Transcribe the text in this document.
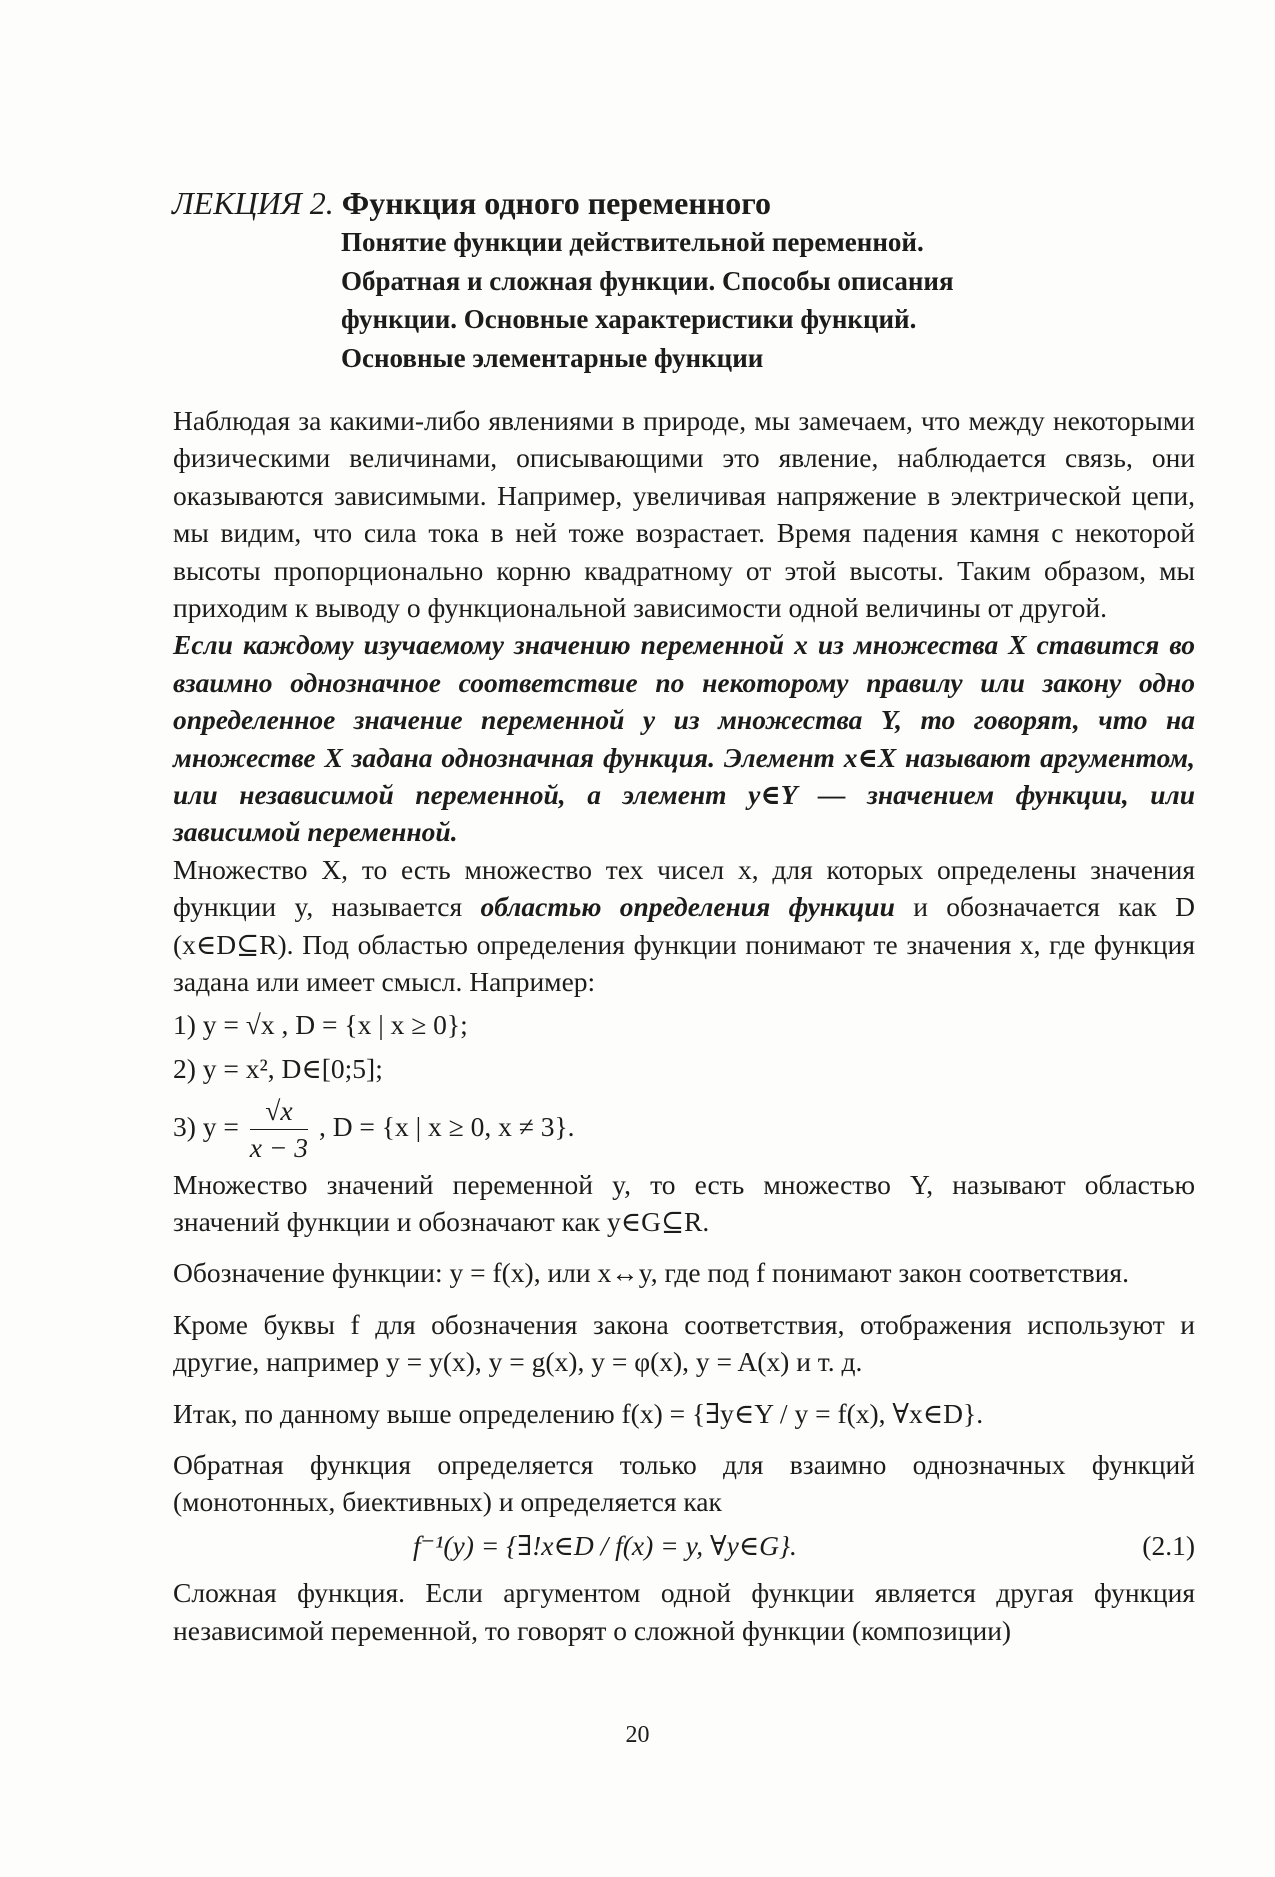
ЛЕКЦИЯ 2. Функция одного переменного
Понятие функции действительной переменной.
Обратная и сложная функции. Способы описания
функции. Основные характеристики функций.
Основные элементарные функции

Наблюдая за какими-либо явлениями в природе, мы замечаем, что между некоторыми физическими величинами, описывающими это явление, наблюдается связь, они оказываются зависимыми. Например, увеличивая напряжение в электрической цепи, мы видим, что сила тока в ней тоже возрастает. Время падения камня с некоторой высоты пропорционально корню квадратному от этой высоты. Таким образом, мы приходим к выводу о функциональной зависимости одной величины от другой.

Если каждому изучаемому значению переменной x из множества X ставится во взаимно однозначное соответствие по некоторому правилу или закону одно определенное значение переменной y из множества Y, то говорят, что на множестве X задана однозначная функция. Элемент x∈X называют аргументом, или независимой переменной, а элемент y∈Y — значением функции, или зависимой переменной.

Множество X, то есть множество тех чисел x, для которых определены значения функции y, называется областью определения функции и обозначается как D (x∈D⊆R). Под областью определения функции понимают те значения x, где функция задана или имеет смысл. Например:

1) y = √x , D = {x | x ≥ 0};
2) y = x², D∈[0;5];
3) $y = \frac{√x}{x - 3}$ , D = {x | x ≥ 0, x ≠ 3}.

Множество значений переменной y, то есть множество Y, называют областью значений функции и обозначают как y∈G⊆R.

Обозначение функции: y = f(x), или x↔y, где под f понимают закон соответствия.

Кроме буквы f для обозначения закона соответствия, отображения используют и другие, например y = y(x), y = g(x), y = φ(x), y = A(x) и т. д.

Итак, по данному выше определению f(x) = {∃y∈Y / y = f(x), ∀x∈D}.

Обратная функция определяется только для взаимно однозначных функций (монотонных, биективных) и определяется как

f⁻¹(y) = {∃!x∈D / f(x) = y, ∀y∈G}.	(2.1)

Сложная функция. Если аргументом одной функции является другая функция независимой переменной, то говорят о сложной функции (композиции)

20
